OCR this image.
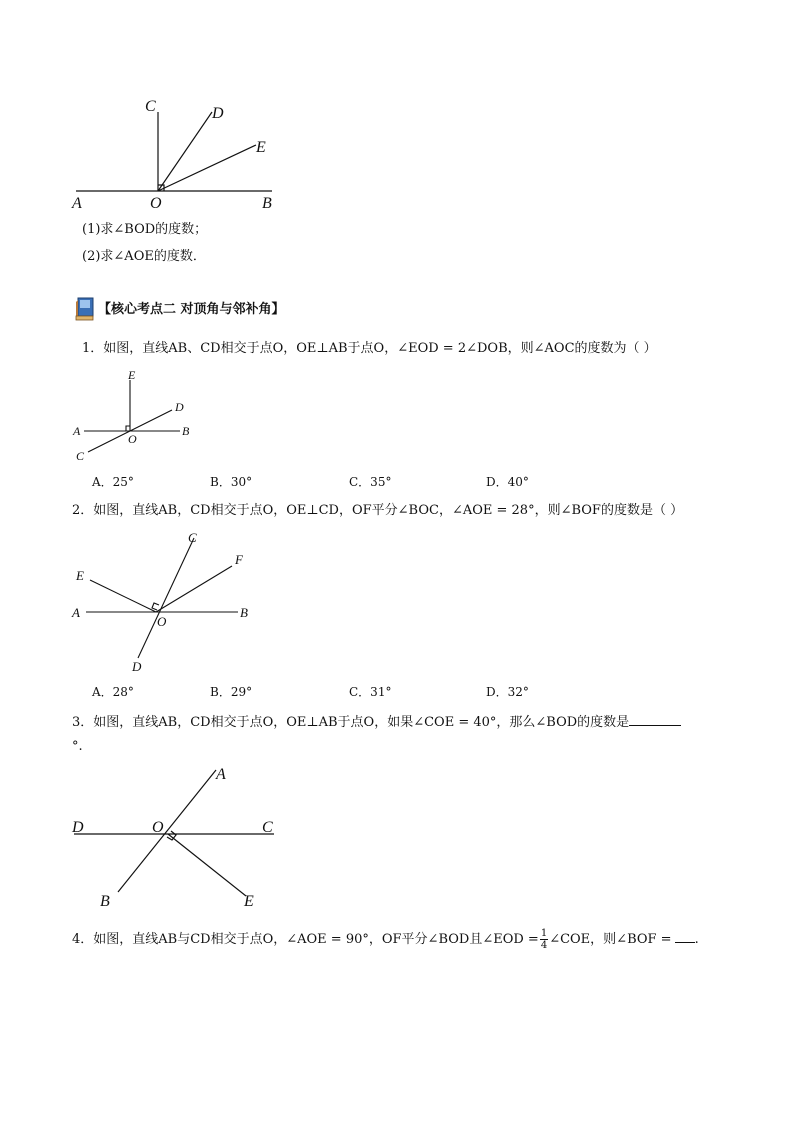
C	D
E
A	O	B
(1)求∠BOD的度数；
(2)求∠AOE的度数．
【核心考点二 对顶角与邻补角】
1．如图，直线AB、CD相交于点O，OE⊥AB于点O，∠EOD = 2∠DOB，则∠AOC的度数为（ ）
E
D
A
O
B
C
A．25°	B．30°	C．35°	D．40°
2．如图，直线AB，CD相交于点O，OE⊥CD，OF平分∠BOC，∠AOE = 28°，则∠BOF的度数是（ ）
C
F
E
A
O
B
D
A．28°	B．29°	C．31°	D．32°
3．如图，直线AB，CD相交于点O，OE⊥AB于点O，如果∠COE = 40°，那么∠BOD的度数是
°.
A
D	O	C
B	E
4．如图，直线AB与CD相交于点O，∠AOE = 90°，OF平分∠BOD且∠EOD = $\frac{1}{4}$ ∠COE，则∠BOF = .
